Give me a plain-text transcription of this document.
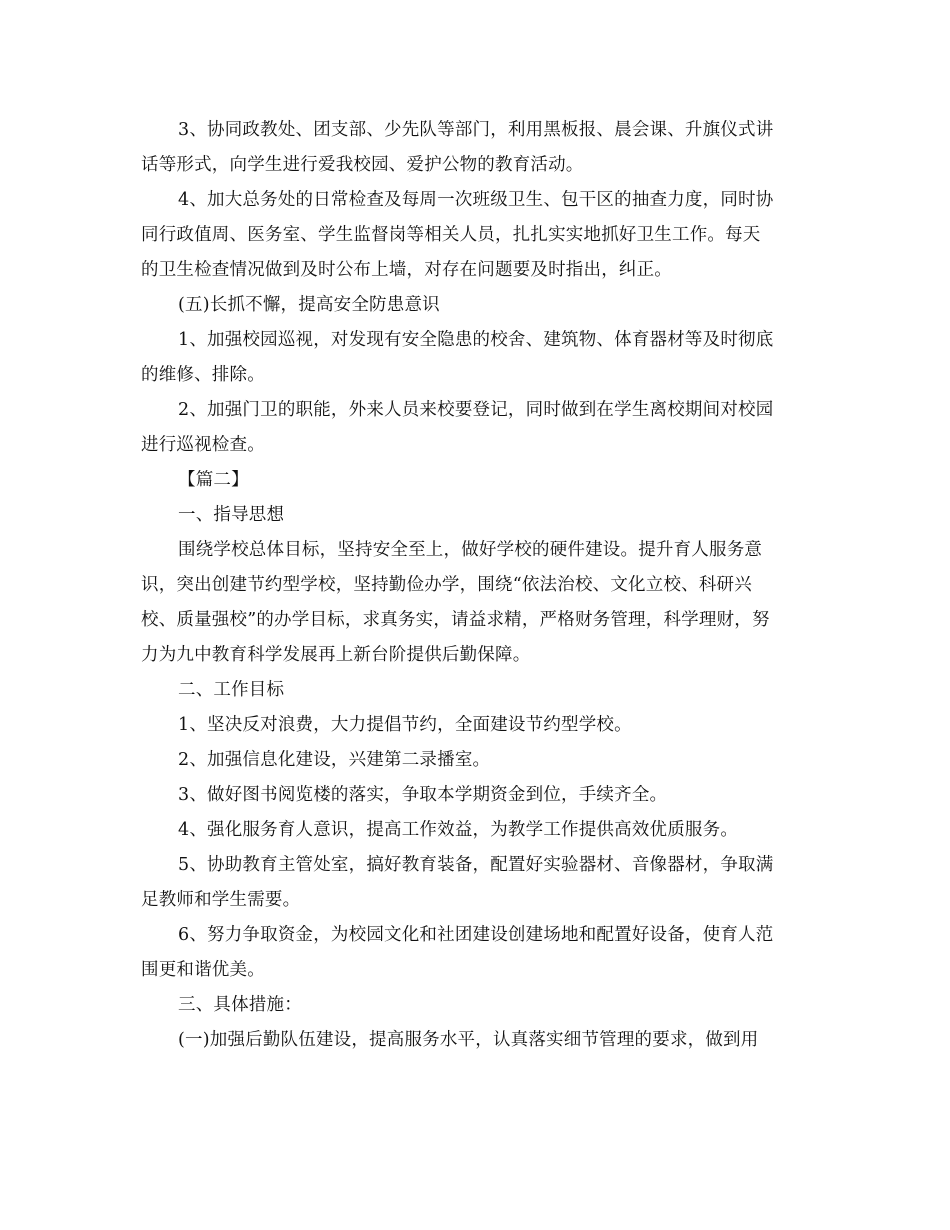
3、协同政教处、团支部、少先队等部门，利用黑板报、晨会课、升旗仪式讲
话等形式，向学生进行爱我校园、爱护公物的教育活动。

4、加大总务处的日常检查及每周一次班级卫生、包干区的抽查力度，同时协
同行政值周、医务室、学生监督岗等相关人员，扎扎实实地抓好卫生工作。每天
的卫生检查情况做到及时公布上墙，对存在问题要及时指出，纠正。

(五)长抓不懈，提高安全防患意识

1、加强校园巡视，对发现有安全隐患的校舍、建筑物、体育器材等及时彻底
的维修、排除。

2、加强门卫的职能，外来人员来校要登记，同时做到在学生离校期间对校园
进行巡视检查。

【篇二】

一、指导思想

围绕学校总体目标，坚持安全至上，做好学校的硬件建设。提升育人服务意
识，突出创建节约型学校，坚持勤俭办学，围绕“依法治校、文化立校、科研兴
校、质量强校”的办学目标，求真务实，请益求精，严格财务管理，科学理财，努
力为九中教育科学发展再上新台阶提供后勤保障。

二、工作目标

1、坚决反对浪费，大力提倡节约，全面建设节约型学校。

2、加强信息化建设，兴建第二录播室。

3、做好图书阅览楼的落实，争取本学期资金到位，手续齐全。

4、强化服务育人意识，提高工作效益，为教学工作提供高效优质服务。

5、协助教育主管处室，搞好教育装备，配置好实验器材、音像器材，争取满
足教师和学生需要。

6、努力争取资金，为校园文化和社团建设创建场地和配置好设备，使育人范
围更和谐优美。

三、具体措施：

(一)加强后勤队伍建设，提高服务水平，认真落实细节管理的要求，做到用
